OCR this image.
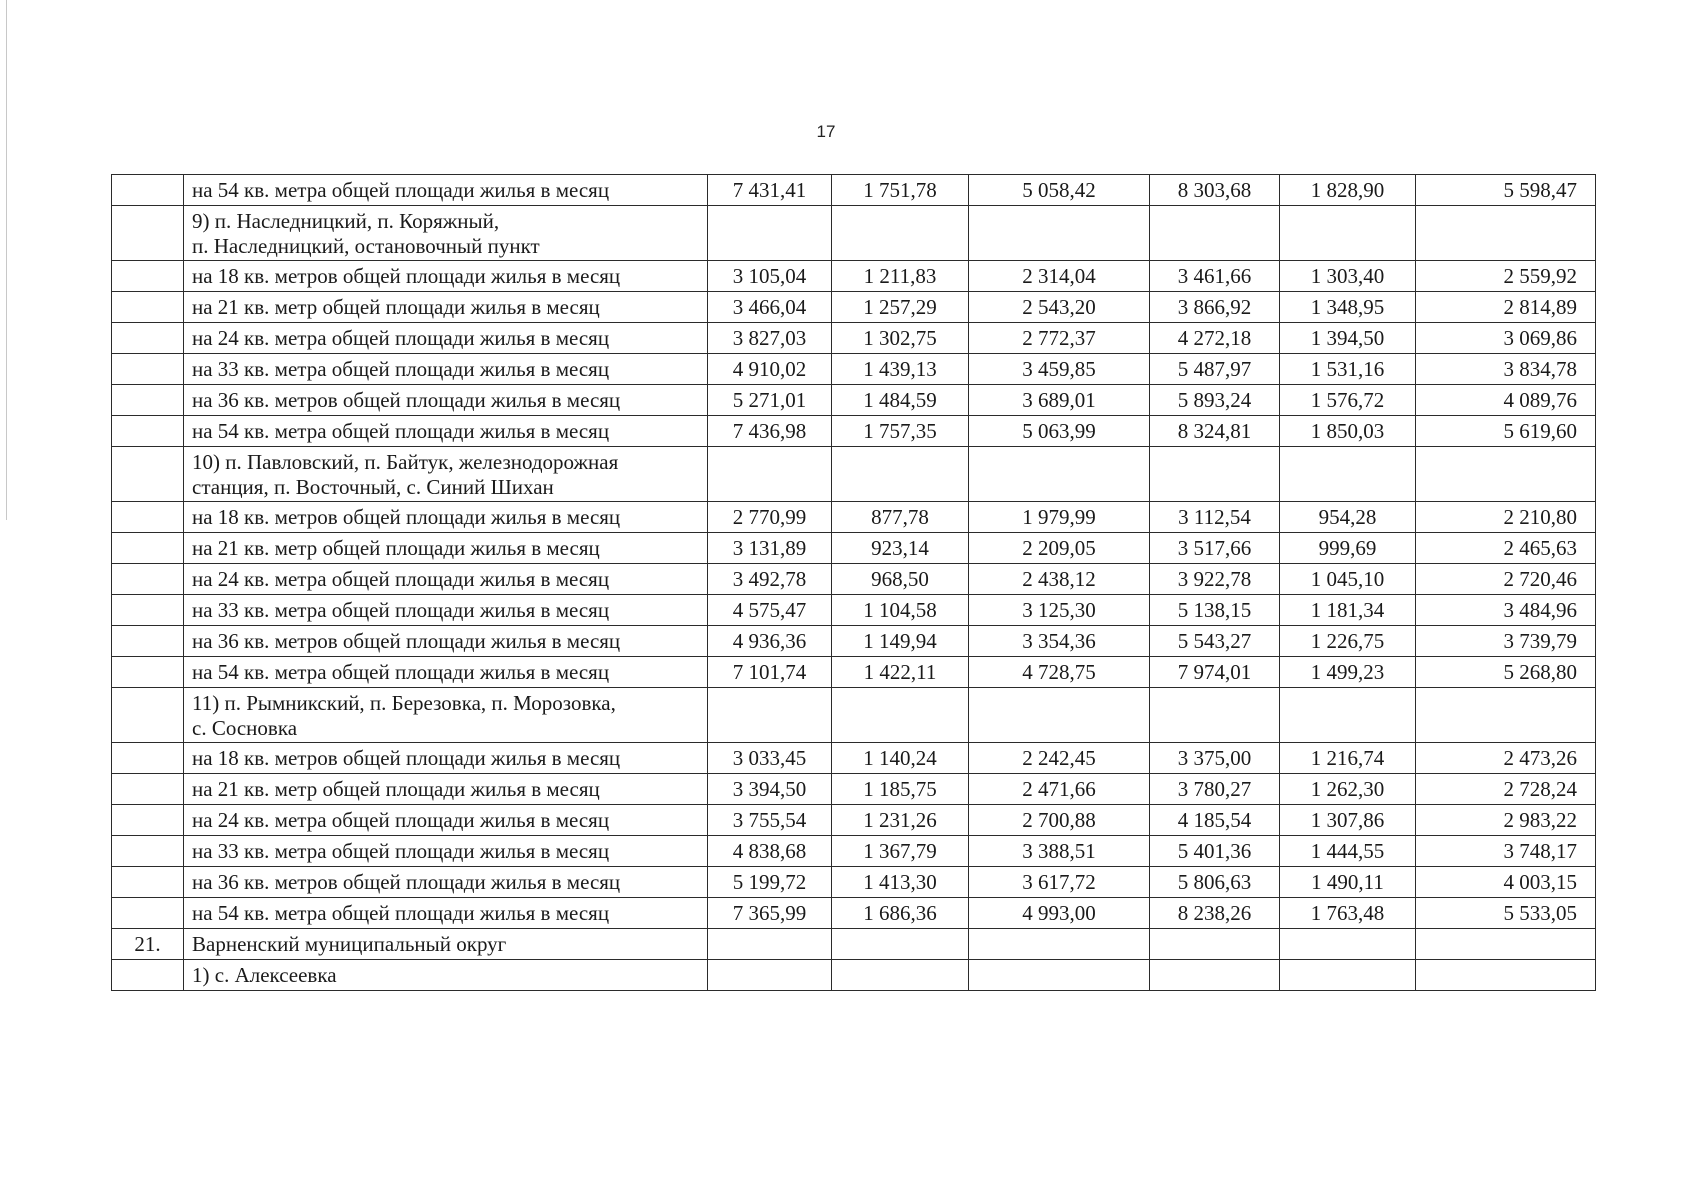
17
	на 54 кв. метра общей площади жилья в месяц	7 431,41	1 751,78	5 058,42	8 303,68	1 828,90	5 598,47

	9) п. Наследницкий, п. Коряжный,
п. Наследницкий, остановочный пункт						

	на 18 кв. метров общей площади жилья в месяц	3 105,04	1 211,83	2 314,04	3 461,66	1 303,40	2 559,92
	на 21 кв. метр общей площади жилья в месяц	3 466,04	1 257,29	2 543,20	3 866,92	1 348,95	2 814,89
	на 24 кв. метра общей площади жилья в месяц	3 827,03	1 302,75	2 772,37	4 272,18	1 394,50	3 069,86
	на 33 кв. метра общей площади жилья в месяц	4 910,02	1 439,13	3 459,85	5 487,97	1 531,16	3 834,78
	на 36 кв. метров общей площади жилья в месяц	5 271,01	1 484,59	3 689,01	5 893,24	1 576,72	4 089,76
	на 54 кв. метра общей площади жилья в месяц	7 436,98	1 757,35	5 063,99	8 324,81	1 850,03	5 619,60

	10) п. Павловский, п. Байтук, железнодорожная
станция, п. Восточный, с. Синий Шихан						

	на 18 кв. метров общей площади жилья в месяц	2 770,99	877,78	1 979,99	3 112,54	954,28	2 210,80
	на 21 кв. метр общей площади жилья в месяц	3 131,89	923,14	2 209,05	3 517,66	999,69	2 465,63
	на 24 кв. метра общей площади жилья в месяц	3 492,78	968,50	2 438,12	3 922,78	1 045,10	2 720,46
	на 33 кв. метра общей площади жилья в месяц	4 575,47	1 104,58	3 125,30	5 138,15	1 181,34	3 484,96
	на 36 кв. метров общей площади жилья в месяц	4 936,36	1 149,94	3 354,36	5 543,27	1 226,75	3 739,79
	на 54 кв. метра общей площади жилья в месяц	7 101,74	1 422,11	4 728,75	7 974,01	1 499,23	5 268,80

	11) п. Рымникский, п. Березовка, п. Морозовка,
с. Сосновка						

	на 18 кв. метров общей площади жилья в месяц	3 033,45	1 140,24	2 242,45	3 375,00	1 216,74	2 473,26
	на 21 кв. метр общей площади жилья в месяц	3 394,50	1 185,75	2 471,66	3 780,27	1 262,30	2 728,24
	на 24 кв. метра общей площади жилья в месяц	3 755,54	1 231,26	2 700,88	4 185,54	1 307,86	2 983,22
	на 33 кв. метра общей площади жилья в месяц	4 838,68	1 367,79	3 388,51	5 401,36	1 444,55	3 748,17
	на 36 кв. метров общей площади жилья в месяц	5 199,72	1 413,30	3 617,72	5 806,63	1 490,11	4 003,15
	на 54 кв. метра общей площади жилья в месяц	7 365,99	1 686,36	4 993,00	8 238,26	1 763,48	5 533,05
21.	Варненский муниципальный округ						
	1) с. Алексеевка						
